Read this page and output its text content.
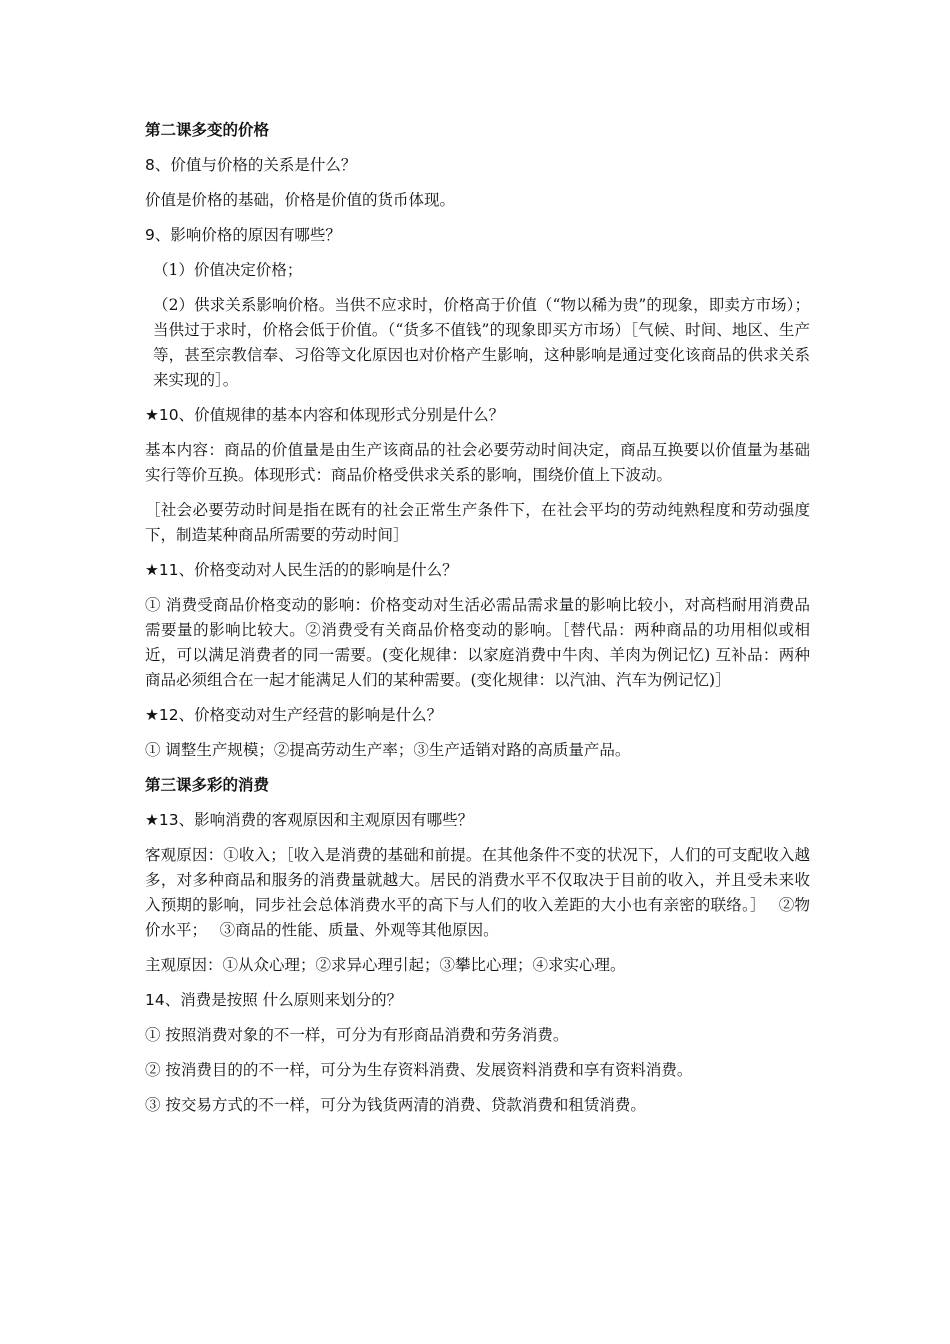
第二课多变的价格

8、价值与价格的关系是什么？

价值是价格的基础，价格是价值的货币体现。

9、影响价格的原因有哪些？

（1）价值决定价格；

（2）供求关系影响价格。当供不应求时，价格高于价值（“物以稀为贵”的现象，即卖方市场）；当供过于求时，价格会低于价值。（“货多不值钱”的现象即买方市场）［气候、时间、地区、生产等，甚至宗教信奉、习俗等文化原因也对价格产生影响，这种影响是通过变化该商品的供求关系来实现的］。

★10、价值规律的基本内容和体现形式分别是什么？

基本内容：商品的价值量是由生产该商品的社会必要劳动时间决定，商品互换要以价值量为基础实行等价互换。体现形式：商品价格受供求关系的影响，围绕价值上下波动。

［社会必要劳动时间是指在既有的社会正常生产条件下，在社会平均的劳动纯熟程度和劳动强度下，制造某种商品所需要的劳动时间］

★11、价格变动对人民生活的的影响是什么？

① 消费受商品价格变动的影响：价格变动对生活必需品需求量的影响比较小，对高档耐用消费品需要量的影响比较大。②消费受有关商品价格变动的影响。［替代品：两种商品的功用相似或相近，可以满足消费者的同一需要。(变化规律：以家庭消费中牛肉、羊肉为例记忆) 互补品：两种商品必须组合在一起才能满足人们的某种需要。(变化规律：以汽油、汽车为例记忆)］

★12、价格变动对生产经营的影响是什么？

① 调整生产规模；②提高劳动生产率；③生产适销对路的高质量产品。

第三课多彩的消费

★13、影响消费的客观原因和主观原因有哪些？

客观原因：①收入；［收入是消费的基础和前提。在其他条件不变的状况下，人们的可支配收入越多，对多种商品和服务的消费量就越大。居民的消费水平不仅取决于目前的收入，并且受未来收入预期的影响，同步社会总体消费水平的高下与人们的收入差距的大小也有亲密的联络。］　 ②物价水平；　 ③商品的性能、质量、外观等其他原因。

主观原因：①从众心理；②求异心理引起；③攀比心理；④求实心理。

14、消费是按照 什么原则来划分的？

① 按照消费对象的不一样，可分为有形商品消费和劳务消费。

② 按消费目的的不一样，可分为生存资料消费、发展资料消费和享有资料消费。

③ 按交易方式的不一样，可分为钱货两清的消费、贷款消费和租赁消费。
